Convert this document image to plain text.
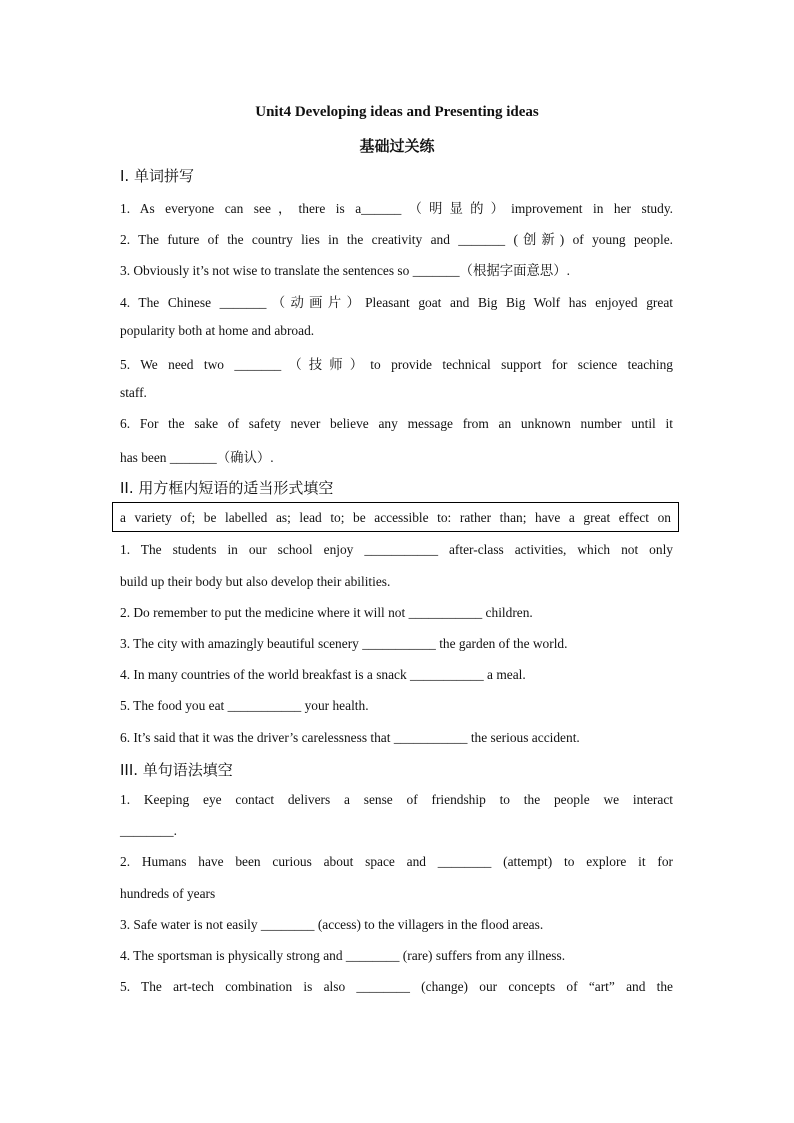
Unit4 Developing ideas and Presenting ideas
基础过关练
I. 单词拼写
1. As everyone can see，there is a______（明显的）improvement in her study.
2. The future of the country lies in the creativity and _______ (创新) of young people.
3. Obviously it’s not wise to translate the sentences so _______（根据字面意思）.
4. The Chinese _______（动画片）Pleasant goat and Big Big Wolf has enjoyed great
popularity both at home and abroad.
5. We need two _______（技师）to provide technical support for science teaching
staff.
6. For the sake of safety never believe any message from an unknown number until it
has been _______（确认）.
II. 用方框内短语的适当形式填空
a variety of; be labelled as; lead to; be accessible to: rather than; have a great effect on
1. The students in our school enjoy ___________ after-class activities, which not only
build up their body but also develop their abilities.
2. Do remember to put the medicine where it will not ___________ children.
3. The city with amazingly beautiful scenery ___________ the garden of the world.
4. In many countries of the world breakfast is a snack ___________ a meal.
5. The food you eat ___________ your health.
6. It’s said that it was the driver’s carelessness that ___________ the serious accident.
III. 单句语法填空
1. Keeping eye contact delivers a sense of friendship to the people we interact
________.
2. Humans have been curious about space and ________ (attempt) to explore it for
hundreds of years
3. Safe water is not easily ________ (access) to the villagers in the flood areas.
4. The sportsman is physically strong and ________ (rare) suffers from any illness.
5. The art-tech combination is also ________ (change) our concepts of “art” and the
